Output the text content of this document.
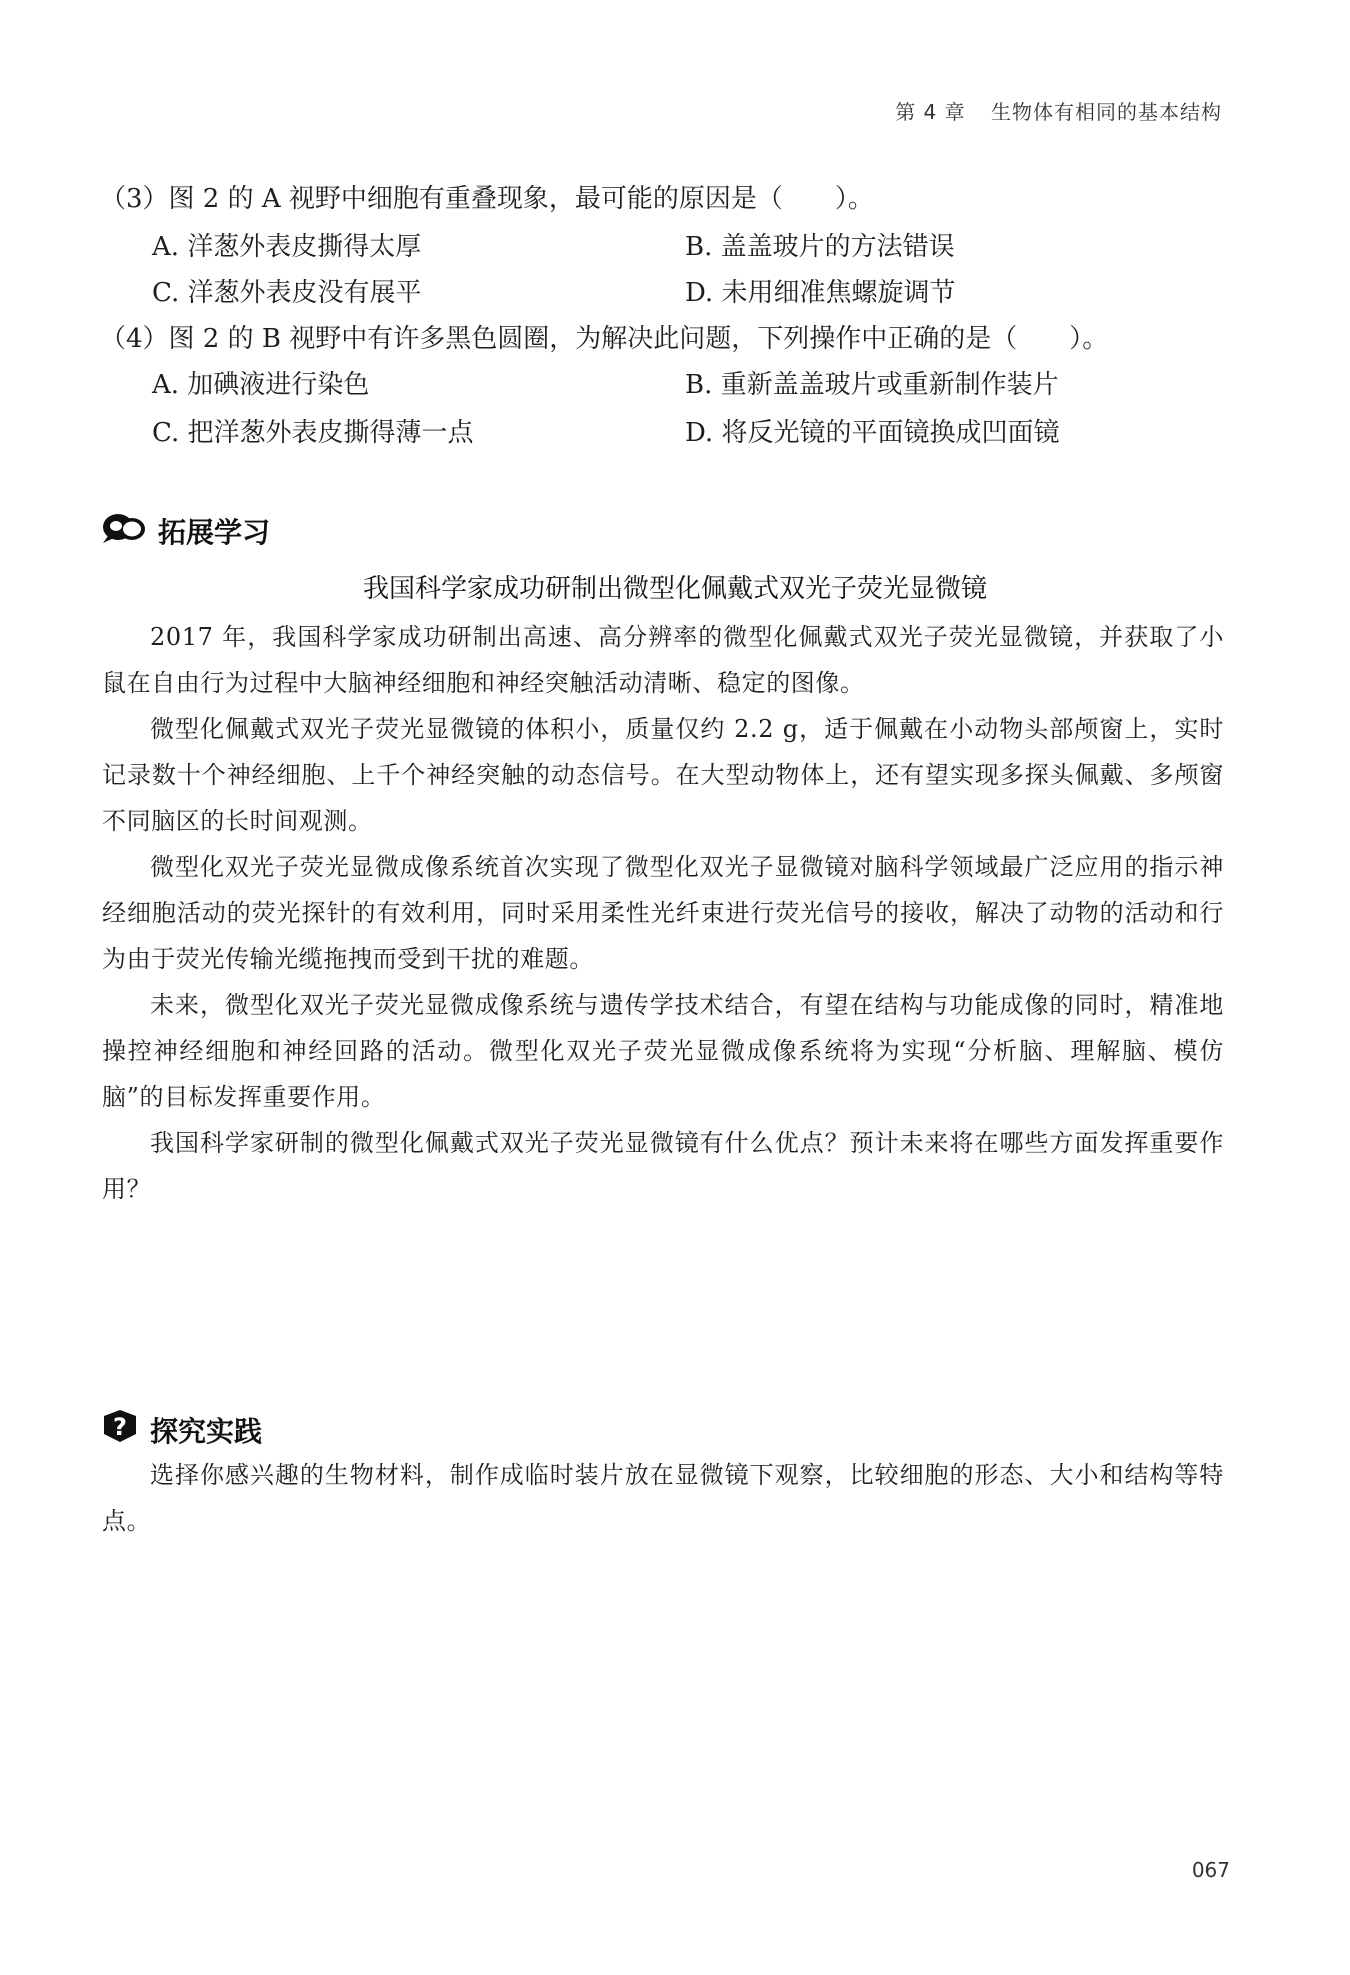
第 4 章 生物体有相同的基本结构
（3）图 2 的 A 视野中细胞有重叠现象，最可能的原因是（　　）。
A. 洋葱外表皮撕得太厚	B. 盖盖玻片的方法错误
C. 洋葱外表皮没有展平	D. 未用细准焦螺旋调节
（4）图 2 的 B 视野中有许多黑色圆圈，为解决此问题，下列操作中正确的是（　　）。
A. 加碘液进行染色	B. 重新盖盖玻片或重新制作装片
C. 把洋葱外表皮撕得薄一点	D. 将反光镜的平面镜换成凹面镜
拓展学习
我国科学家成功研制出微型化佩戴式双光子荧光显微镜
2017 年，我国科学家成功研制出高速、高分辨率的微型化佩戴式双光子荧光显微镜，并获取了小鼠在自由行为过程中大脑神经细胞和神经突触活动清晰、稳定的图像。
微型化佩戴式双光子荧光显微镜的体积小，质量仅约 2.2 g，适于佩戴在小动物头部颅窗上，实时记录数十个神经细胞、上千个神经突触的动态信号。在大型动物体上，还有望实现多探头佩戴、多颅窗不同脑区的长时间观测。
微型化双光子荧光显微成像系统首次实现了微型化双光子显微镜对脑科学领域最广泛应用的指示神经细胞活动的荧光探针的有效利用，同时采用柔性光纤束进行荧光信号的接收，解决了动物的活动和行为由于荧光传输光缆拖拽而受到干扰的难题。
未来，微型化双光子荧光显微成像系统与遗传学技术结合，有望在结构与功能成像的同时，精准地操控神经细胞和神经回路的活动。微型化双光子荧光显微成像系统将为实现“分析脑、理解脑、模仿脑”的目标发挥重要作用。
我国科学家研制的微型化佩戴式双光子荧光显微镜有什么优点？预计未来将在哪些方面发挥重要作用？
? 探究实践
选择你感兴趣的生物材料，制作成临时装片放在显微镜下观察，比较细胞的形态、大小和结构等特点。
067
